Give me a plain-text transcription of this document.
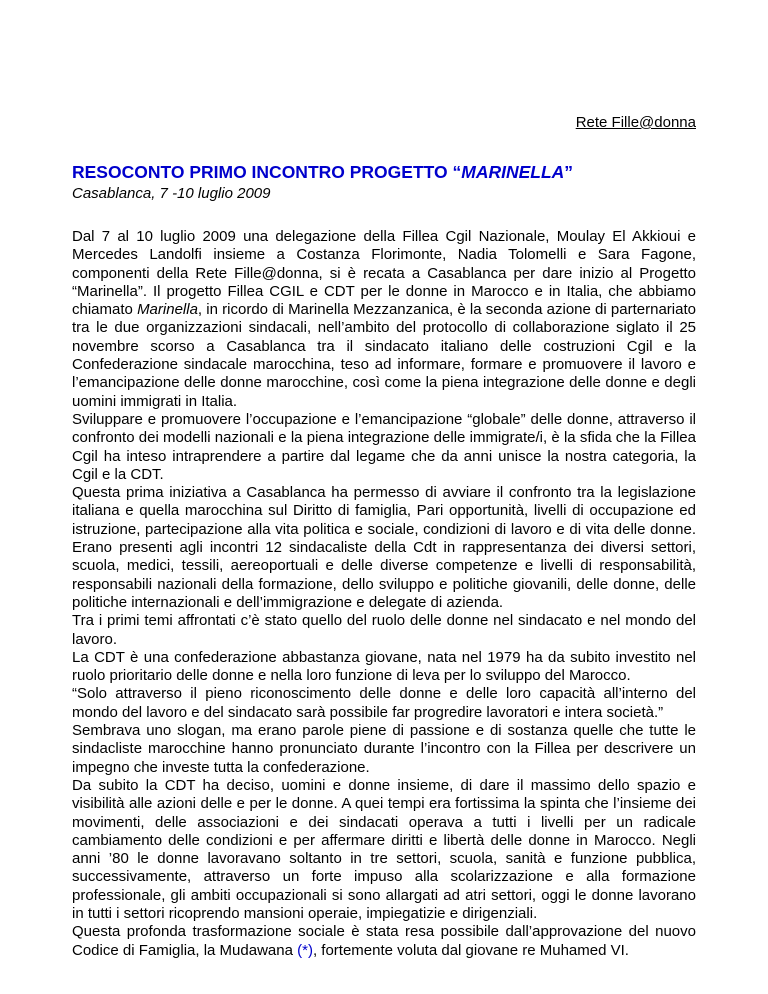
Rete Fille@donna
RESOCONTO PRIMO INCONTRO PROGETTO “MARINELLA”
Casablanca, 7 -10 luglio 2009

Dal 7 al 10 luglio 2009 una delegazione della Fillea Cgil Nazionale, Moulay El Akkioui e Mercedes Landolfi insieme a Costanza Florimonte, Nadia Tolomelli e Sara Fagone, componenti della Rete Fille@donna, si è recata a Casablanca per dare inizio al Progetto “Marinella”. Il progetto Fillea CGIL e CDT per le donne in Marocco e in Italia, che abbiamo chiamato Marinella, in ricordo di Marinella Mezzanzanica, è la seconda azione di parternariato tra le due organizzazioni sindacali, nell’ambito del protocollo di collaborazione siglato il 25 novembre scorso a Casablanca tra il sindacato italiano delle costruzioni Cgil e la Confederazione sindacale marocchina, teso ad informare, formare e promuovere il lavoro e l’emancipazione delle donne marocchine, così come la piena integrazione delle donne e degli uomini immigrati in Italia.

Sviluppare e promuovere l’occupazione e l’emancipazione “globale” delle donne, attraverso il confronto dei modelli nazionali e la piena integrazione delle immigrate/i, è la sfida che la Fillea Cgil ha inteso intraprendere a partire dal legame che da anni unisce la nostra categoria, la Cgil e la CDT.

Questa prima iniziativa a Casablanca ha permesso di avviare il confronto tra la legislazione italiana e quella marocchina sul Diritto di famiglia, Pari opportunità, livelli di occupazione ed istruzione, partecipazione alla vita politica e sociale, condizioni di lavoro e di vita delle donne. Erano presenti agli incontri 12 sindacaliste della Cdt in rappresentanza dei diversi settori, scuola, medici, tessili, aereoportuali e delle diverse competenze e livelli di responsabilità, responsabili nazionali della formazione, dello sviluppo e politiche giovanili, delle donne, delle politiche internazionali e dell’immigrazione e delegate di azienda.

Tra i primi temi affrontati c’è stato quello del ruolo delle donne nel sindacato e nel mondo del lavoro.

La CDT è una confederazione abbastanza giovane, nata nel 1979 ha da subito investito nel ruolo prioritario delle donne e nella loro funzione di leva per lo sviluppo del Marocco.

“Solo attraverso il pieno riconoscimento delle donne e delle loro capacità all’interno del mondo del lavoro e del sindacato sarà possibile far progredire lavoratori e intera società.”

Sembrava uno slogan, ma erano parole piene di passione e di sostanza quelle che tutte le sindacliste marocchine hanno pronunciato durante l’incontro con la Fillea per descrivere un impegno che investe tutta la confederazione.

Da subito la CDT ha deciso, uomini e donne insieme, di dare il massimo dello spazio e visibilità alle azioni delle e per le donne. A quei tempi era fortissima la spinta che l’insieme dei movimenti, delle associazioni e dei sindacati operava a tutti i livelli per un radicale cambiamento delle condizioni e per affermare diritti e libertà delle donne in Marocco. Negli anni ’80 le donne lavoravano soltanto in tre settori, scuola, sanità e funzione pubblica, successivamente, attraverso un forte impuso alla scolarizzazione e alla formazione professionale, gli ambiti occupazionali si sono allargati ad atri settori, oggi le donne lavorano in tutti i settori ricoprendo mansioni operaie, impiegatizie e dirigenziali.

Questa profonda trasformazione sociale è stata resa possibile dall’approvazione del nuovo Codice di Famiglia, la Mudawana (*), fortemente voluta dal giovane re Muhamed VI.
